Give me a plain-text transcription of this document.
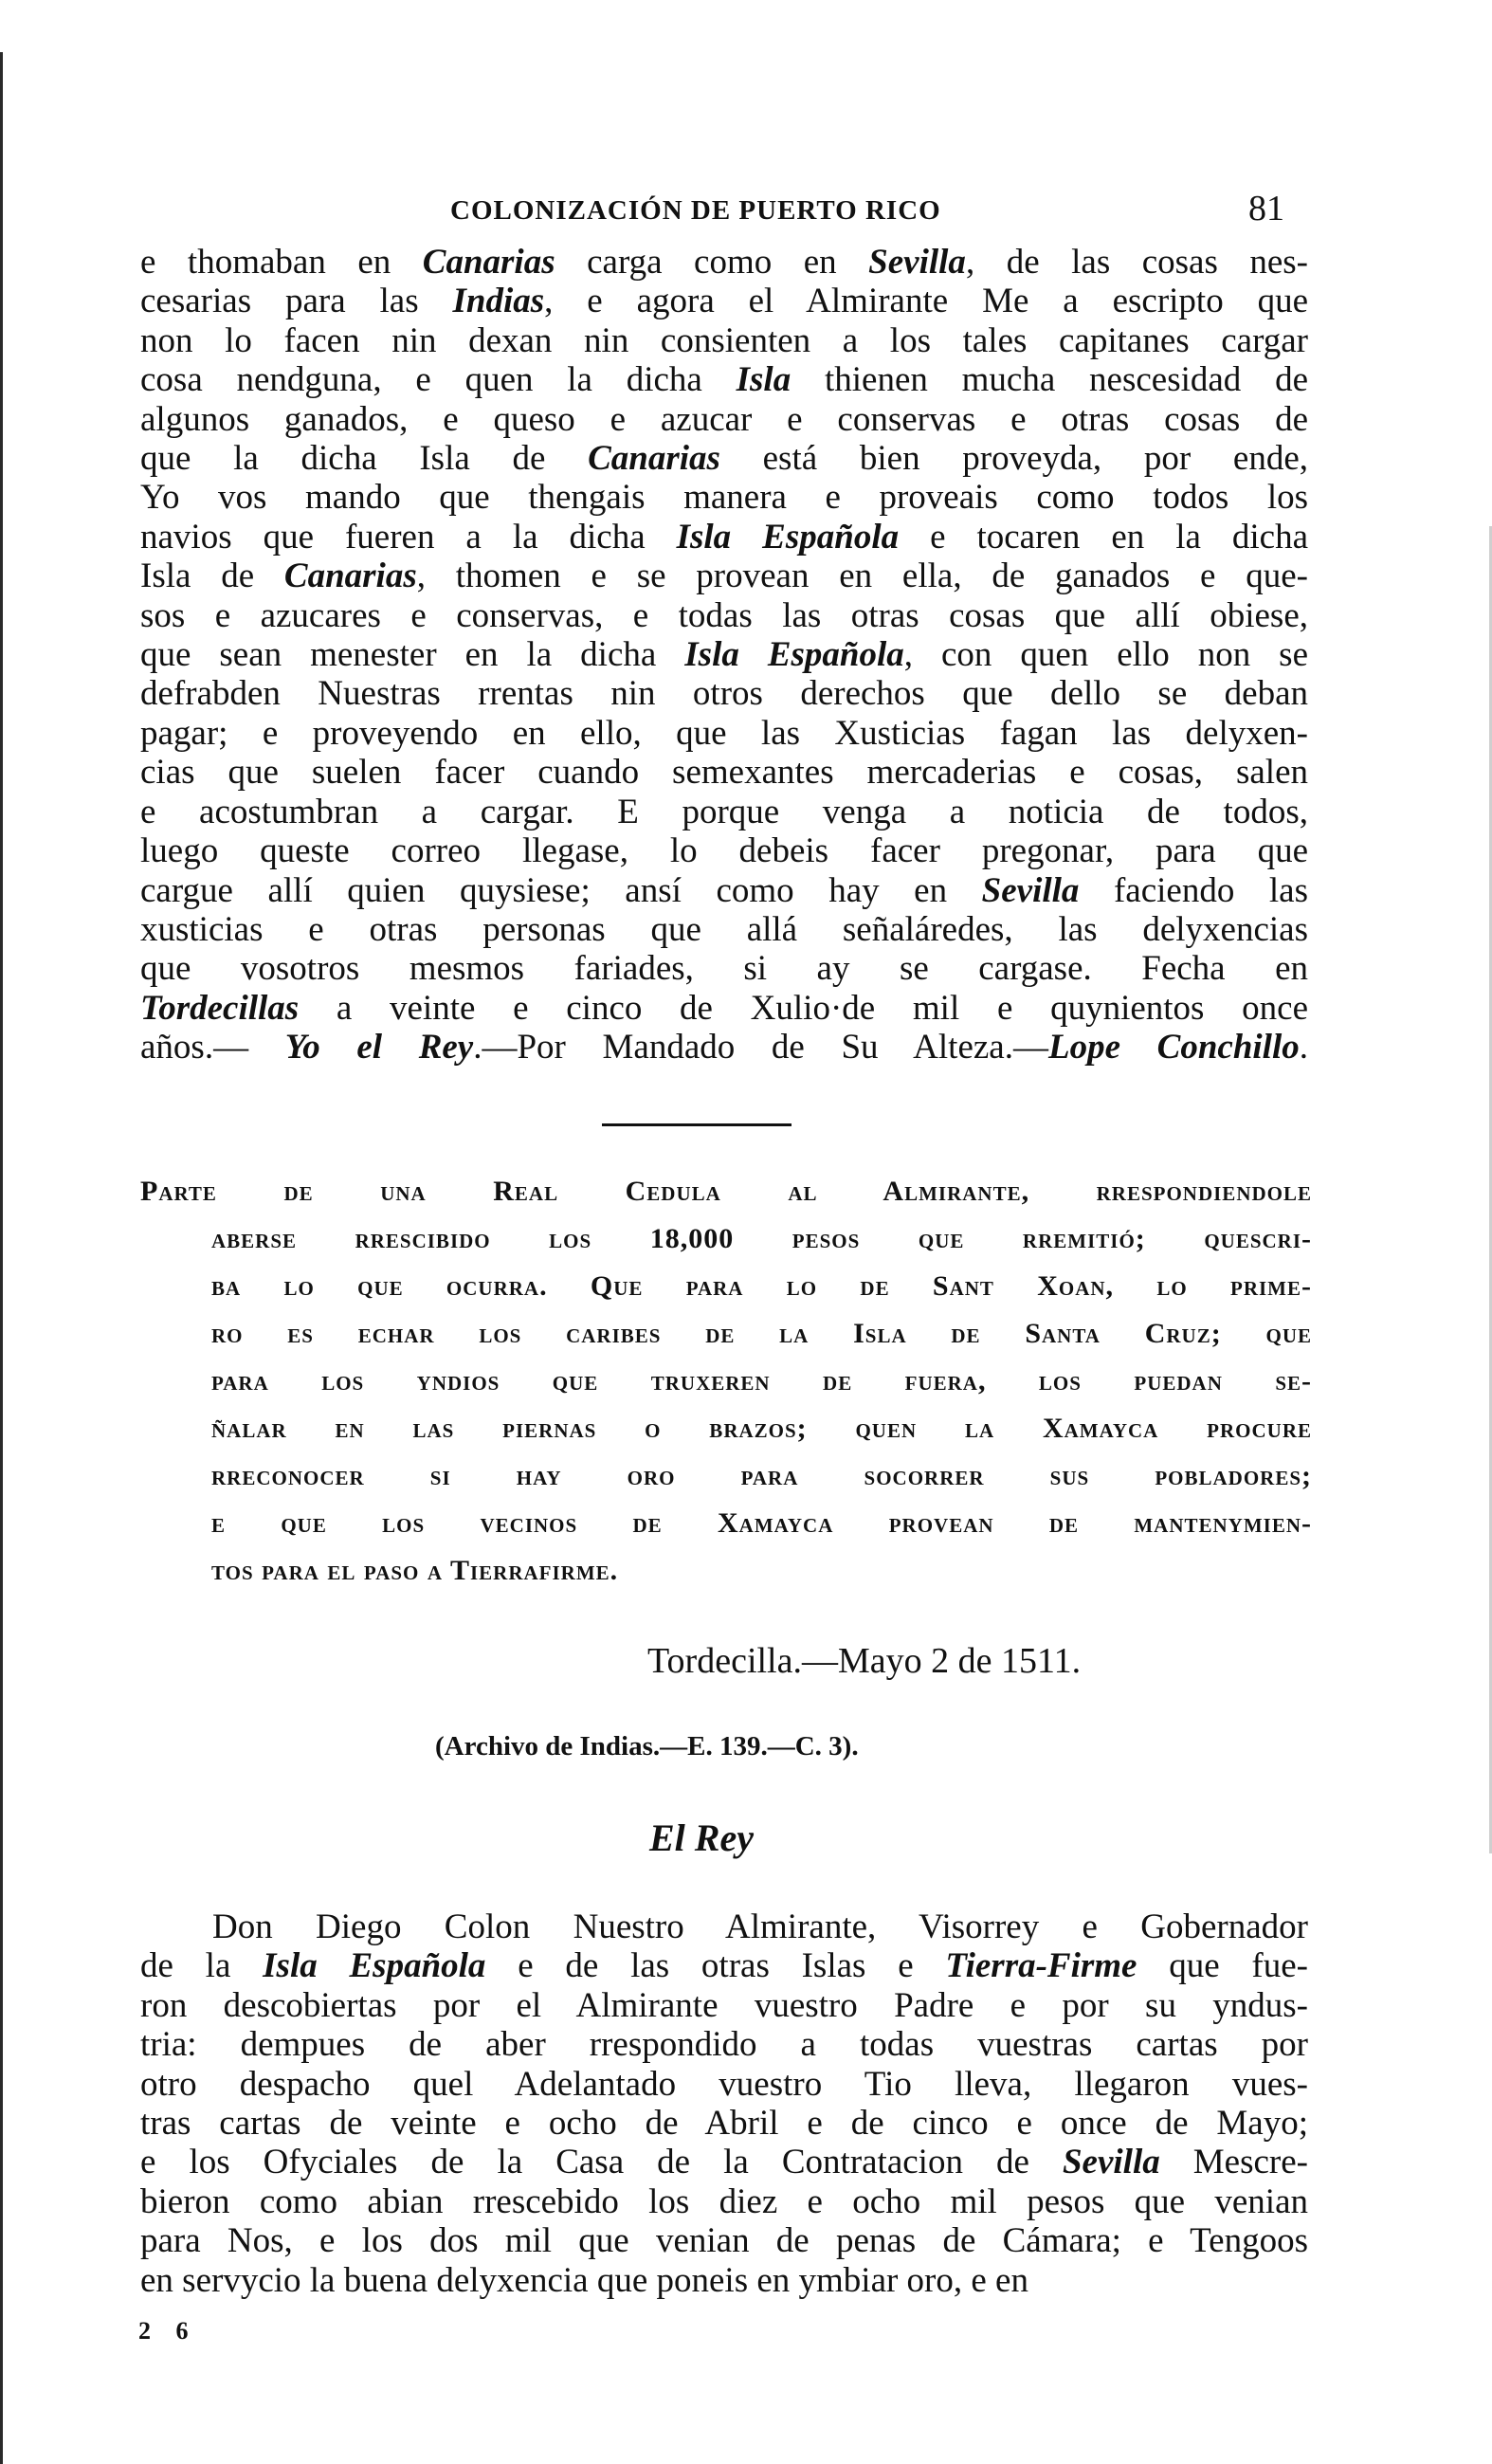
COLONIZACIÓN DE PUERTO RICO	81
e thomaban en Canarias carga como en Sevilla, de las cosas nes-
cesarias para las Indias, e agora el Almirante Me a escripto que
non lo facen nin dexan nin consienten a los tales capitanes cargar
cosa nendguna, e quen la dicha Isla thienen mucha nescesidad de
algunos ganados, e queso e azucar e conservas e otras cosas de
que la dicha Isla de Canarias está bien proveyda, por ende,
Yo vos mando que thengais manera e proveais como todos los
navios que fueren a la dicha Isla Española e tocaren en la dicha
Isla de Canarias, thomen e se provean en ella, de ganados e que-
sos e azucares e conservas, e todas las otras cosas que allí obiese,
que sean menester en la dicha Isla Española, con quen ello non se
defrabden Nuestras rrentas nin otros derechos que dello se deban
pagar; e proveyendo en ello, que las Xusticias fagan las delyxen-
cias que suelen facer cuando semexantes mercaderias e cosas, salen
e acostumbran a cargar. E porque venga a noticia de todos,
luego queste correo llegase, lo debeis facer pregonar, para que
cargue allí quien quysiese; ansí como hay en Sevilla faciendo las
xusticias e otras personas que allá señaláredes, las delyxencias
que vosotros mesmos fariades, si ay se cargase. Fecha en
Tordecillas a veinte e cinco de Xulio·de mil e quynientos once
años.— Yo el Rey.—Por Mandado de Su Alteza.—Lope Conchillo.
Parte de una Real Cedula al Almirante, rrespondiendole
aberse rrescibido los 18,000 pesos que rremitió; quescri-
ba lo que ocurra. Que para lo de Sant Xoan, lo prime-
ro es echar los caribes de la Isla de Santa Cruz; que
para los yndios que truxeren de fuera, los puedan se-
ñalar en las piernas o brazos; quen la Xamayca procure
rreconocer si hay oro para socorrer sus pobladores;
e que los vecinos de Xamayca provean de mantenymien-
tos para el paso a Tierrafirme.
Tordecilla.—Mayo 2 de 1511.
(Archivo de Indias.—E. 139.—C. 3).
El Rey
Don Diego Colon Nuestro Almirante, Visorrey e Gobernador
de la Isla Española e de las otras Islas e Tierra-Firme que fue-
ron descobiertas por el Almirante vuestro Padre e por su yndus-
tria: dempues de aber rrespondido a todas vuestras cartas por
otro despacho quel Adelantado vuestro Tio lleva, llegaron vues-
tras cartas de veinte e ocho de Abril e de cinco e once de Mayo;
e los Ofyciales de la Casa de la Contratacion de Sevilla Mescre-
bieron como abian rrescebido los diez e ocho mil pesos que venian
para Nos, e los dos mil que venian de penas de Cámara; e Tengoos
en servycio la buena delyxencia que poneis en ymbiar oro, e en
2 6
